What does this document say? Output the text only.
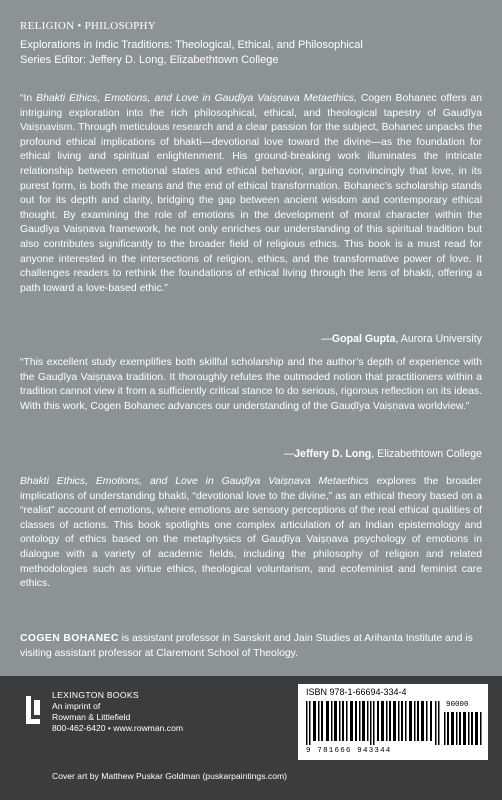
RELIGION • PHILOSOPHY

Explorations in Indic Traditions: Theological, Ethical, and Philosophical

Series Editor: Jeffery D. Long, Elizabethtown College

“In Bhakti Ethics, Emotions, and Love in Gauḍīya Vaiṣṇava Metaethics, Cogen Bohanec offers an intriguing exploration into the rich philosophical, ethical, and theological tapestry of Gauḍīya Vaiṣṇavism. Through meticulous research and a clear passion for the subject, Bohanec unpacks the profound ethical implications of bhakti—devotional love toward the divine—as the foundation for ethical living and spiritual enlightenment. His ground-breaking work illuminates the intricate relationship between emotional states and ethical behavior, arguing convincingly that love, in its purest form, is both the means and the end of ethical transformation. Bohanec’s scholarship stands out for its depth and clarity, bridging the gap between ancient wisdom and contemporary ethical thought. By examining the role of emotions in the development of moral character within the Gauḍīya Vaiṣṇava framework, he not only enriches our understanding of this spiritual tradition but also contributes significantly to the broader field of religious ethics. This book is a must read for anyone interested in the intersections of religion, ethics, and the transformative power of love. It challenges readers to rethink the foundations of ethical living through the lens of bhakti, offering a path toward a love-based ethic.”

—Gopal Gupta, Aurora University

“This excellent study exemplifies both skillful scholarship and the author’s depth of experience with the Gauḍīya Vaiṣṇava tradition. It thoroughly refutes the outmoded notion that practitioners within a tradition cannot view it from a sufficiently critical stance to do serious, rigorous reflection on its ideas. With this work, Cogen Bohanec advances our understanding of the Gauḍīya Vaiṣṇava worldview.”

—Jeffery D. Long, Elizabethtown College

Bhakti Ethics, Emotions, and Love in Gauḍīya Vaiṣṇava Metaethics explores the broader implications of understanding bhakti, “devotional love to the divine,” as an ethical theory based on a “realist” account of emotions, where emotions are sensory perceptions of the real ethical qualities of classes of actions. This book spotlights one complex articulation of an Indian epistemology and ontology of ethics based on the metaphysics of Gauḍīya Vaiṣṇava psychology of emotions in dialogue with a variety of academic fields, including the philosophy of religion and related methodologies such as virtue ethics, theological voluntarism, and ecofeminist and feminist care ethics.

COGEN BOHANEC is assistant professor in Sanskrit and Jain Studies at Arihanta Institute and is visiting assistant professor at Claremont School of Theology.

LEXINGTON BOOKS
An imprint of
Rowman & Littlefield
800-462-6420 • www.rowman.com
ISBN 978-1-66694-334-4
90000
9 781666 943344
Cover art by Matthew Puskar Goldman (puskarpaintings.com)
